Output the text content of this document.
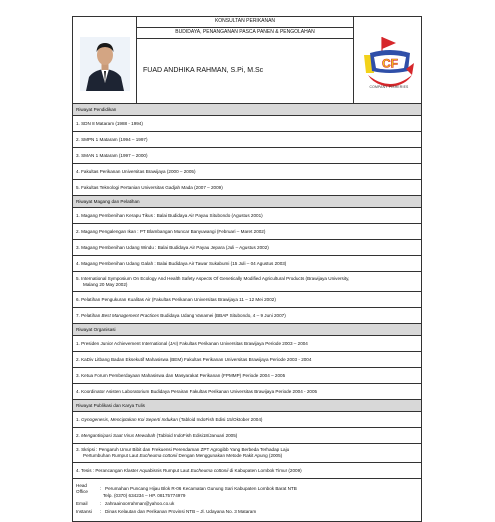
	KONSULTAN PERIKANAN	
CF
COMPANY FISHERIES

BUDIDAYA, PENANGANAN PASCA PANEN & PENGOLAHAN
FUAD ANDHIKA RAHMAN, S.Pi, M.Sc
Riwayat Pendidikan
1. SDN 8 Mataram (1988 - 1994)
2. SMPN 1 Mataram (1994 – 1997)
3. SMAN 1 Mataram (1997 – 2000)
4. Fakultas Perikanan Universitas Brawijaya (2000 – 2005)
5. Fakultas Teknologi Pertanian Universitas Gadjah Mada (2007 – 2009)
Riwayat Magang dan Pelatihan
1. Magang Pembenihan Kerapu Tikus : Balai Budidaya Air Payau Situbondo (Agustus 2001)
2. Magang Pengalengan Ikan : PT Blambangan Muncar Banyuwangi (Februari – Maret 2002)
3. Magang Pembenihan Udang Windu : Balai Budidaya Air Payau Jepara (Juli – Agustus 2002)
4. Magang Pembenihan Udang Galah : Balai Budidaya Air Tawar Sukabumi (15 Juli – 04 Agustus 2003)

5. International Symposium On Ecology And Health Safety Aspects Of Genetically Modified Agricultural Products (Brawijaya University,
Malang 20 May 2002)

6. Pelatihan Pengukuran Kualitas Air (Fakultas Perikanan Universitas Brawijaya 11 – 12 Mei 2002)
7. Pelatihan Best Management Practices Budidaya Udang Vanamei (BBAP Situbondo, 4 – 9 Juni 2007)
Riwayat Organisasi
1. Presiden Junior Achievement International (JAI) Fakultas Perikanan Universitas Brawijaya Periode 2003 – 2004
2. KaDiv Litbang Badan Eksekutif Mahasiswa (BEM) Fakultas Perikanan Universitas Brawijaya Periode 2003 - 2004
3. Ketua Forum Pemberdayaan Mahasiswa dan Masyarakat Perikanan (FPMMP) Periode 2004 – 2005
4. Koordinator Asisten Laboratorium Budidaya Perairan Fakultas Perikanan Universitas Brawijaya Periode 2004 - 2005
Riwayat Publikasi dan Karya Tulis
1. Gynogenesis, Menciptakan Koi Seperti Indukan (Tabloid IndoFish Edisi 15/Oktober 2004)
2. Mengantisipasi Saat Virus Mewabah (Tabloid IndoFish Edisi18/Januari 2005)

3. Skripsi : Pengaruh Umur Bibit dan Frekuensi Perendaman ZPT Agrogibb Yang Berbeda Terhadap Laju
Pertumbuhan Rumput Laut Eucheuma cottonii Dengan Menggunakan Metode Rakit Apung (2005)

4. Tesis : Perancangan Klaster Aquabisnis Rumput Laut Eucheuma cottonii di Kabupaten Lombok Timur (2009)

Head Office
: Perumahan Puncang Hijau Blok R-06 Kecamatan Gunung Sari Kabupaten Lombok Barat NTB
Telp. (0370) 634234 – HP. 08175774979
Email	: zahraainoorrahman@yahoo.co.uk
Instansi	: Dinas Kelautan dan Perikanan Provinsi NTB – Jl. Udayana No. 3 Mataram
